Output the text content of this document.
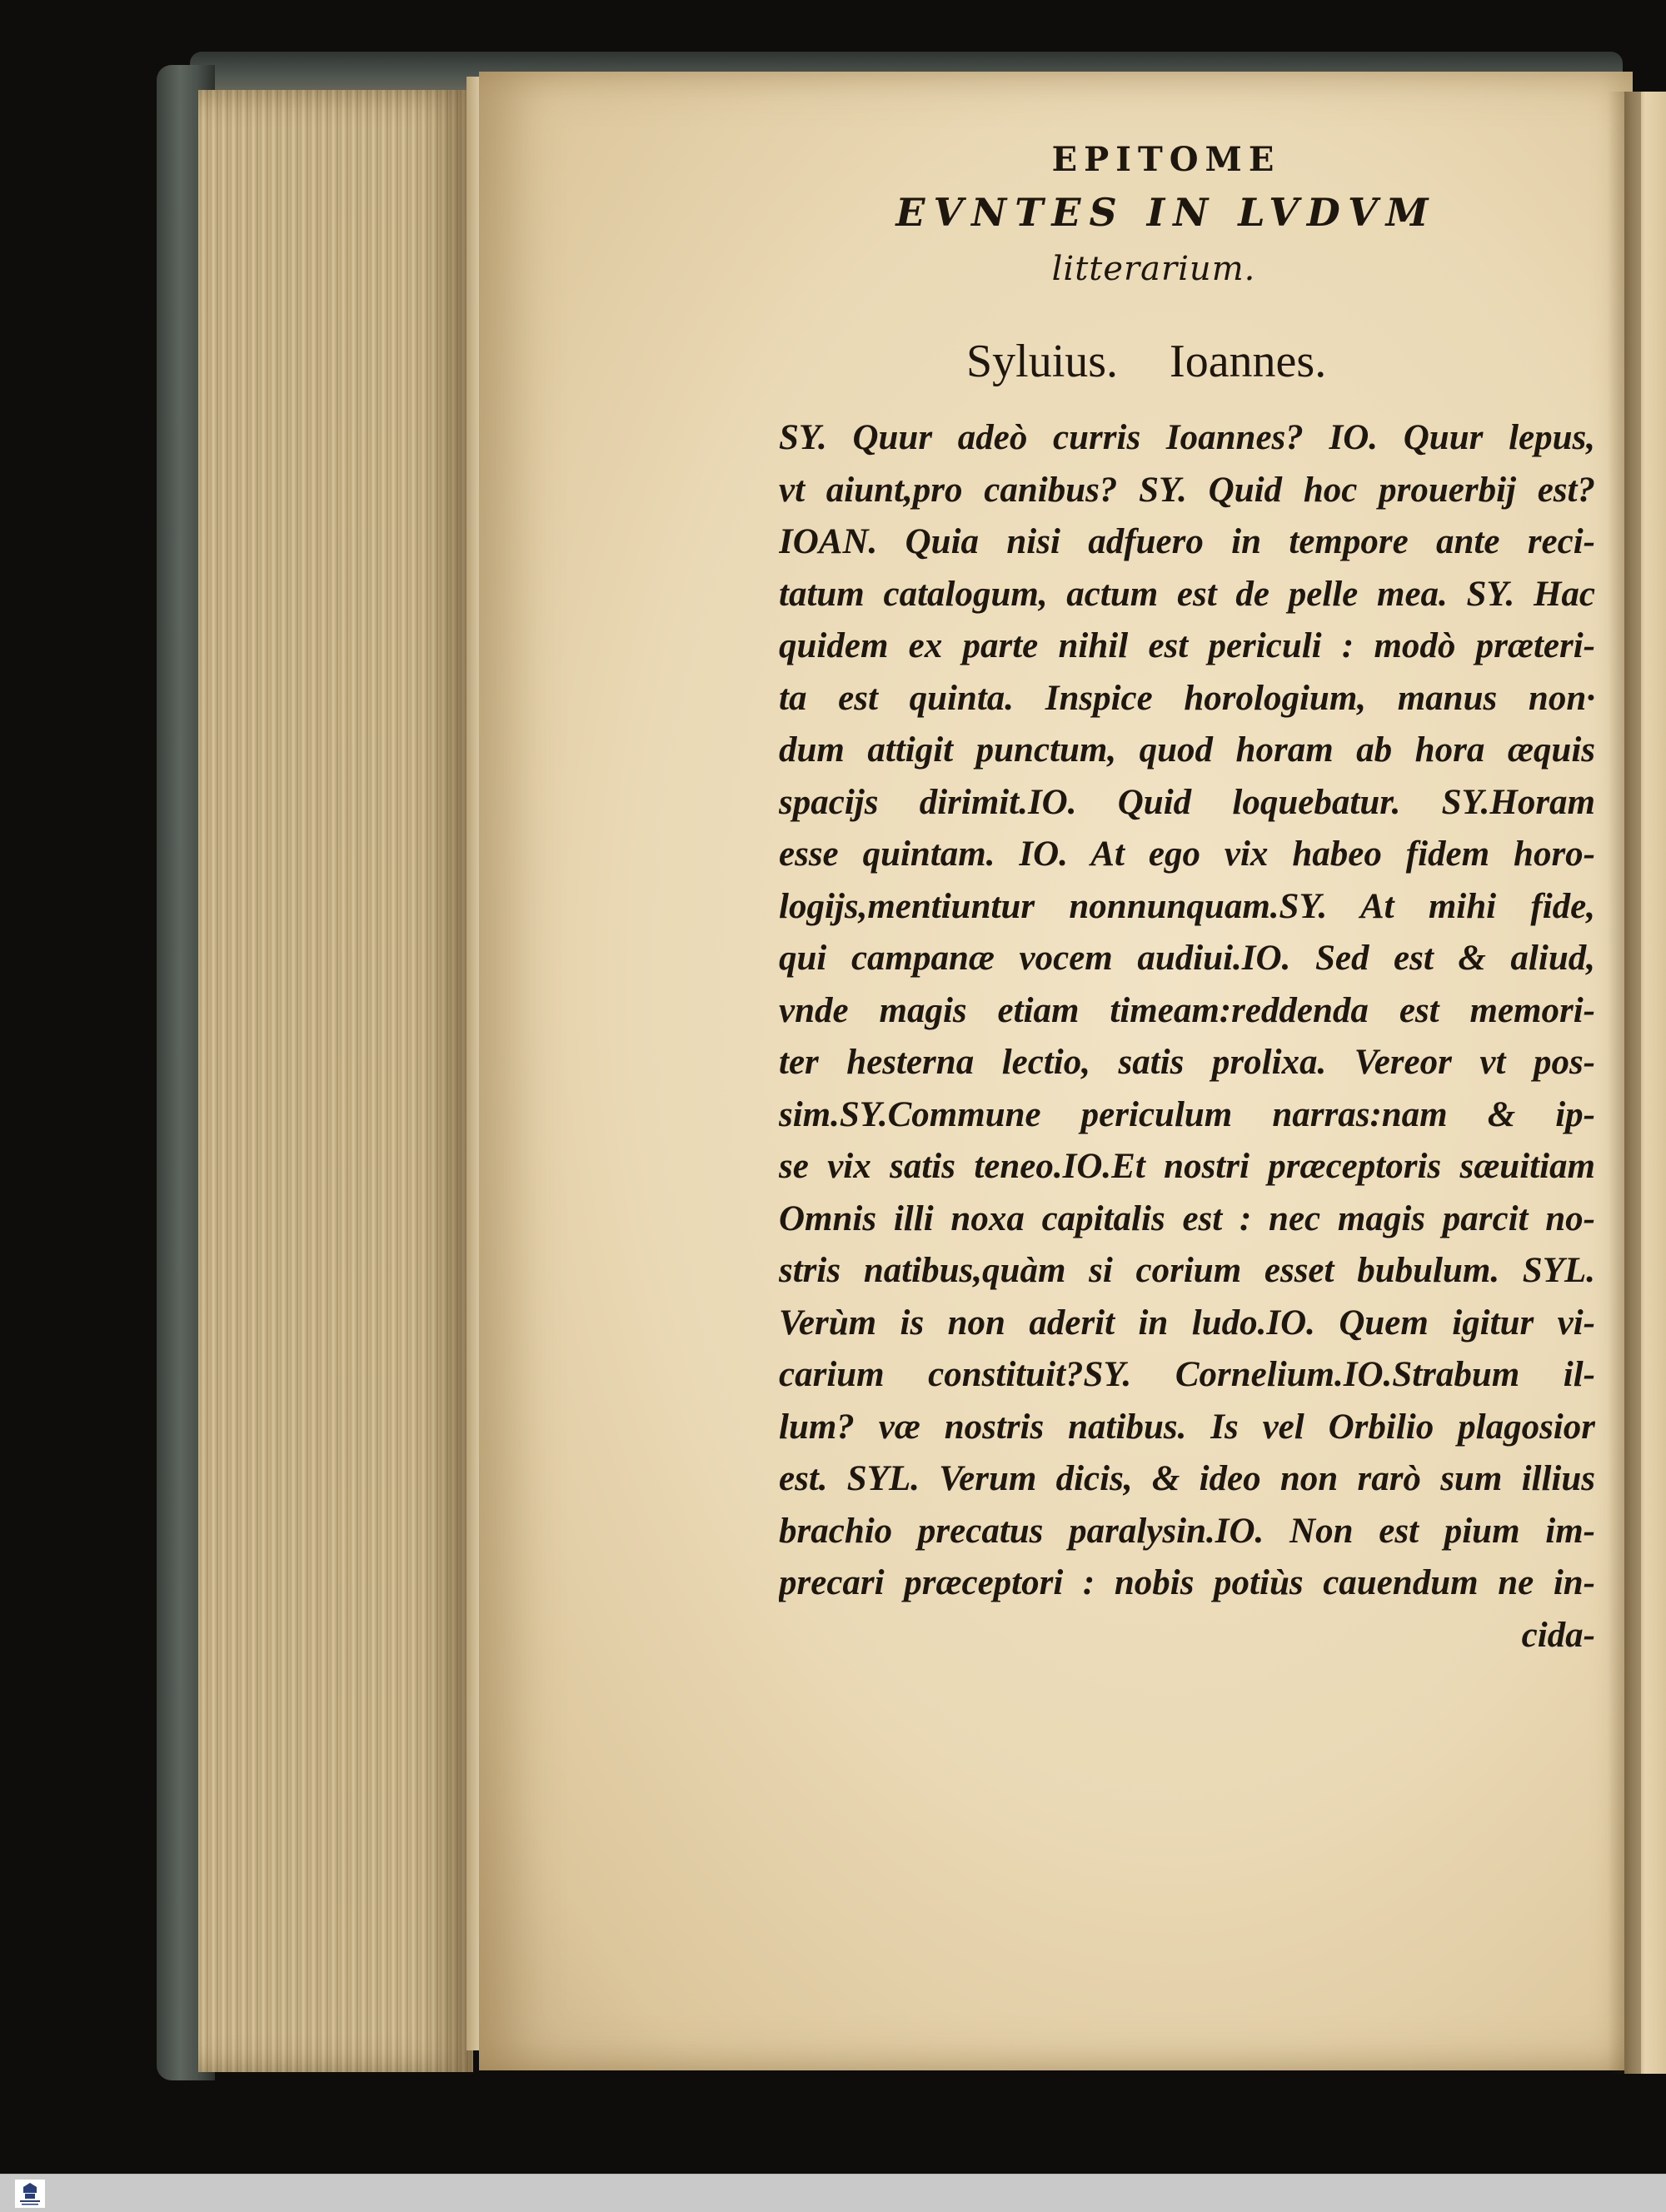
EPITOME
EVNTES IN LVDVM
litterarium.
Syluius. Ioannes.
SY. Quur adeò curris Ioannes? IO. Quur lepus,
vt aiunt,pro canibus? SY. Quid hoc prouerbij est?
IOAN. Quia nisi adfuero in tempore ante reci-
tatum catalogum, actum est de pelle mea. SY. Hac
quidem ex parte nihil est periculi : modò præteri-
ta est quinta. Inspice horologium, manus non·
dum attigit punctum, quod horam ab hora æquis
spacijs dirimit.IO. Quid loquebatur. SY.Horam
esse quintam. IO. At ego vix habeo fidem horo-
logijs,mentiuntur nonnunquam.SY. At mihi fide,
qui campanæ vocem audiui.IO. Sed est & aliud,
vnde magis etiam timeam:reddenda est memori-
ter hesterna lectio, satis prolixa. Vereor vt pos-
sim.SY.Commune periculum narras:nam & ip-
se vix satis teneo.IO.Et nostri præceptoris sæuitiam
Omnis illi noxa capitalis est : nec magis parcit no-
stris natibus,quàm si corium esset bubulum. SYL.
Verùm is non aderit in ludo.IO. Quem igitur vi-
carium constituit?SY. Cornelium.IO.Strabum il-
lum? væ nostris natibus. Is vel Orbilio plagosior
est. SYL. Verum dicis, & ideo non rarò sum illius
brachio precatus paralysin.IO. Non est pium im-
precari præceptori : nobis potiùs cauendum ne in-
cida-
